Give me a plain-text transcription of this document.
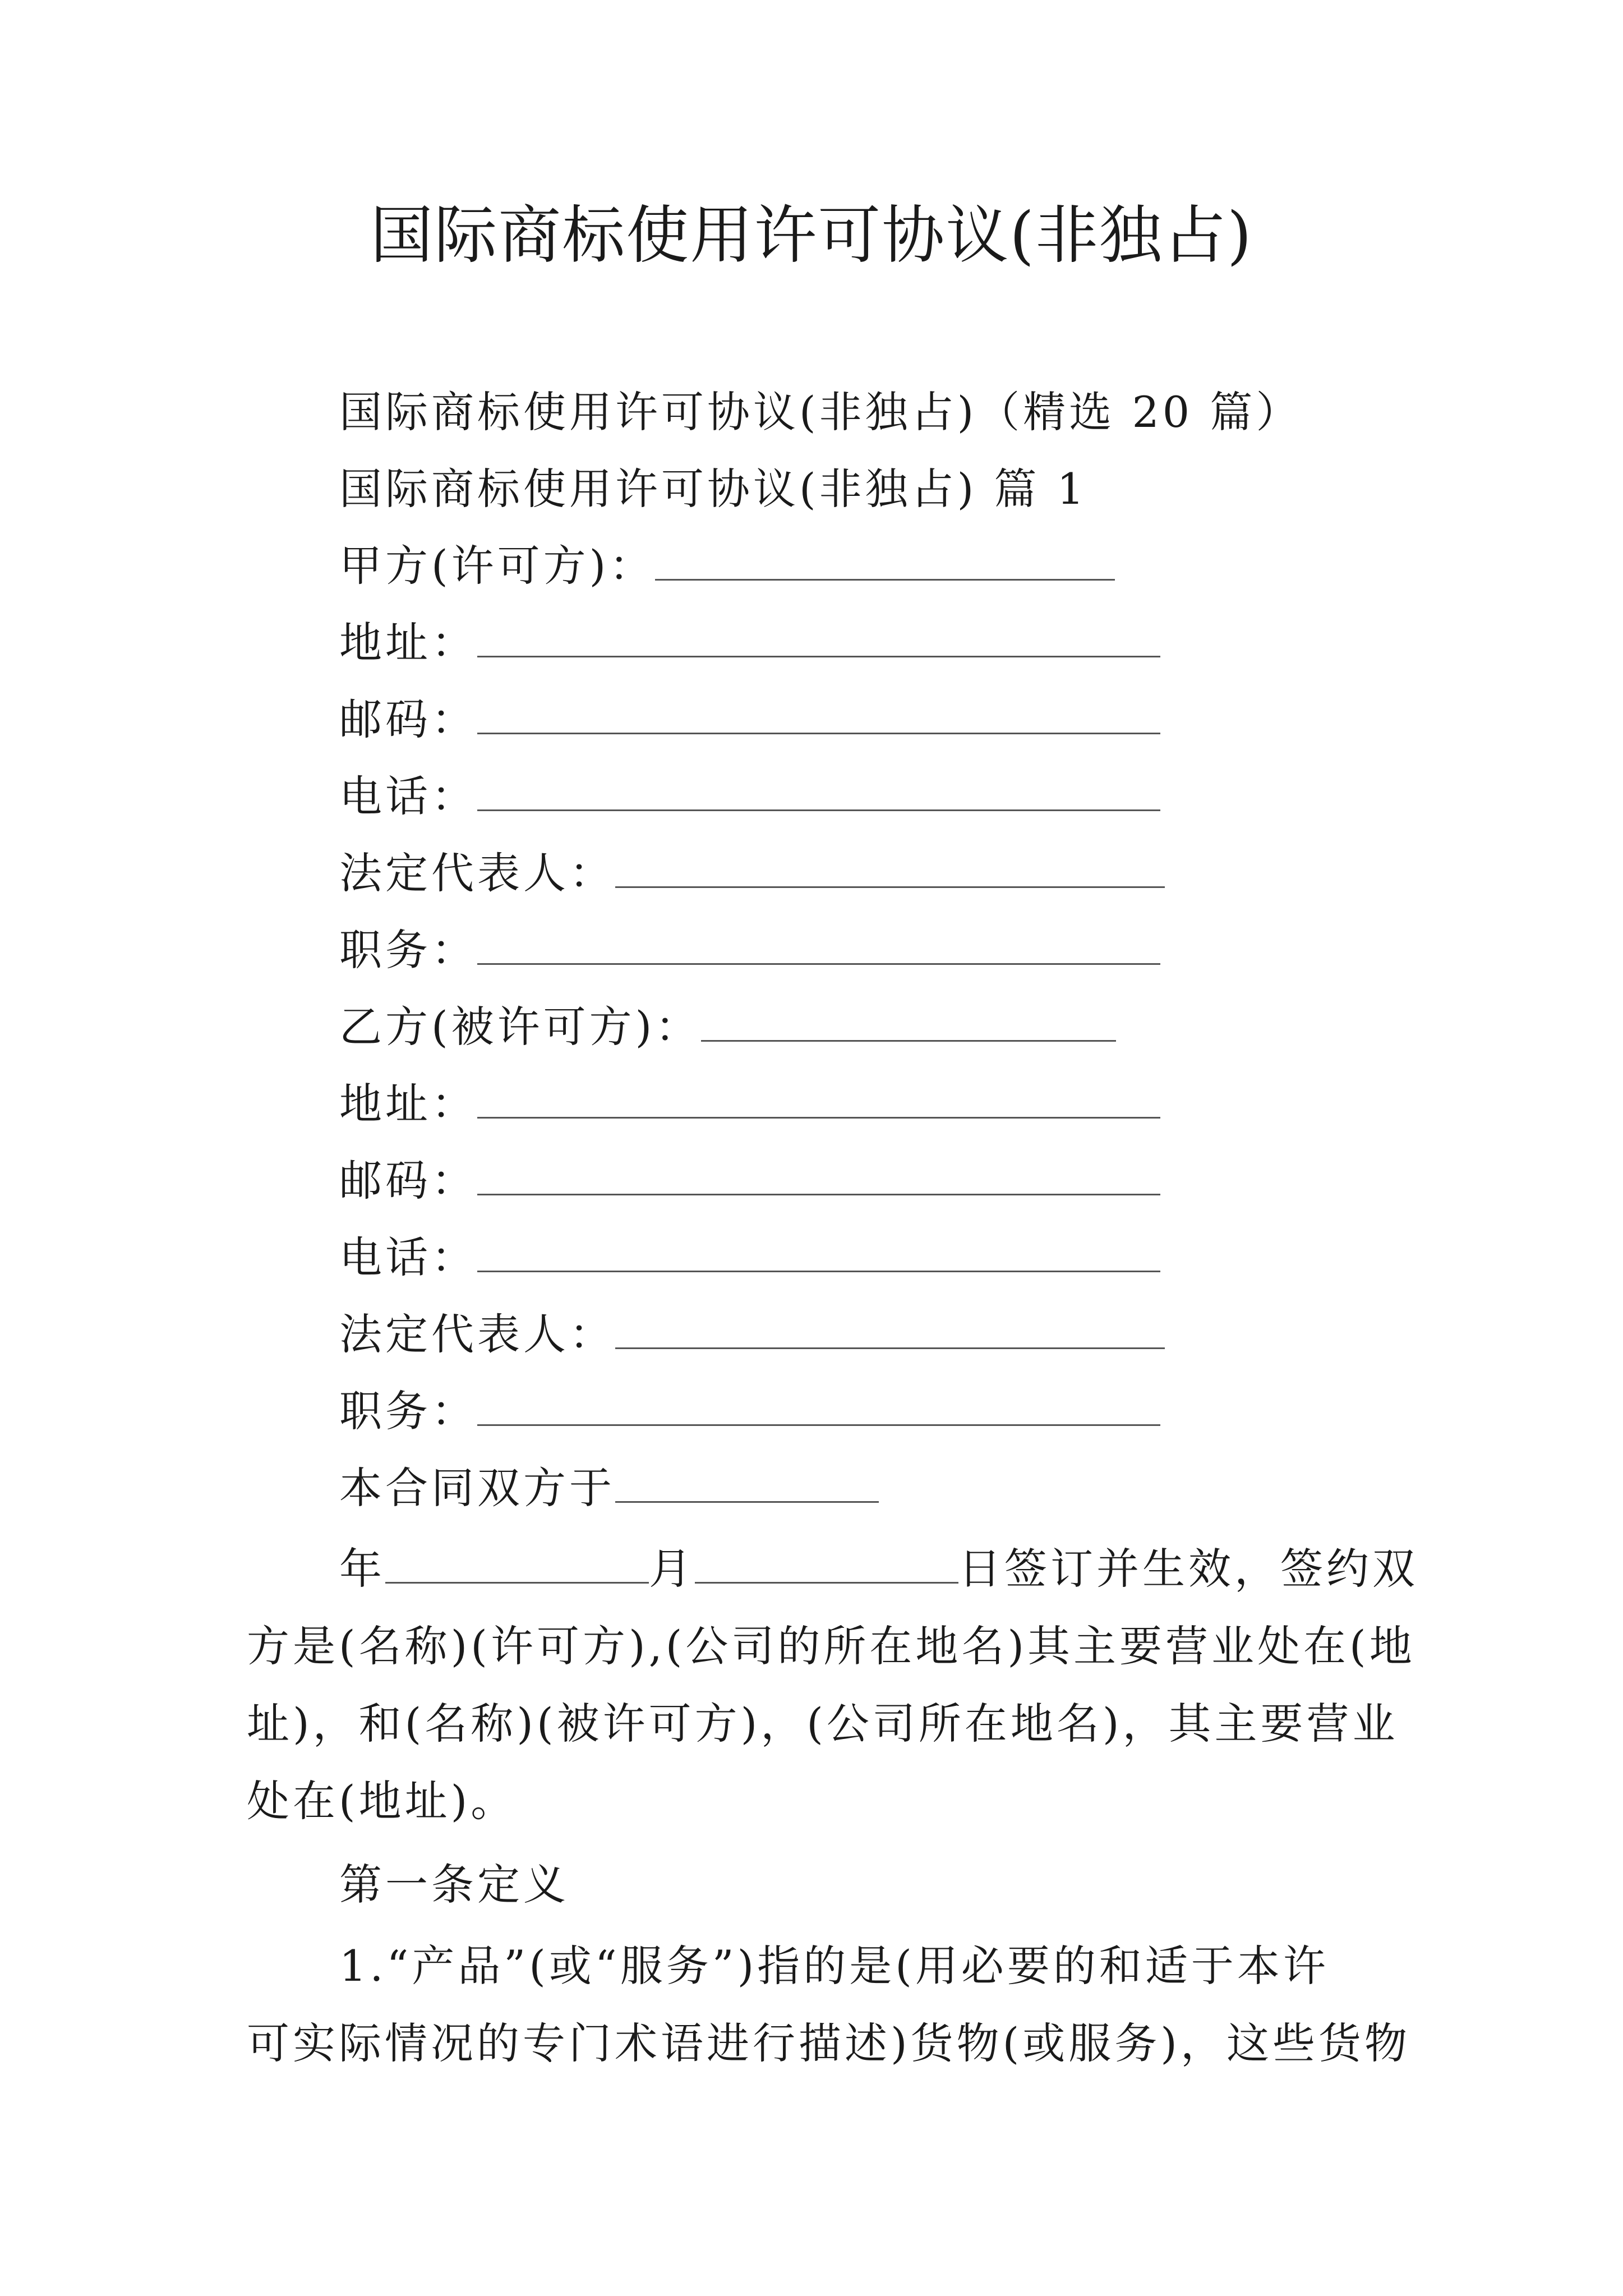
国际商标使用许可协议(非独占)
国际商标使用许可协议(非独占)（精选 20 篇）
国际商标使用许可协议(非独占) 篇 1
甲方(许可方)：
地址：
邮码：
电话：
法定代表人：
职务：
乙方(被许可方)：
地址：
邮码：
电话：
法定代表人：
职务：
本合同双方于
年	月	日签订并生效，签约双
方是(名称)(许可方),(公司的所在地名)其主要营业处在(地
址)，和(名称)(被许可方)，(公司所在地名)，其主要营业
处在(地址)。
第一条定义
1.“产品”(或“服务”)指的是(用必要的和适于本许
可实际情况的专门术语进行描述)货物(或服务)，这些货物
